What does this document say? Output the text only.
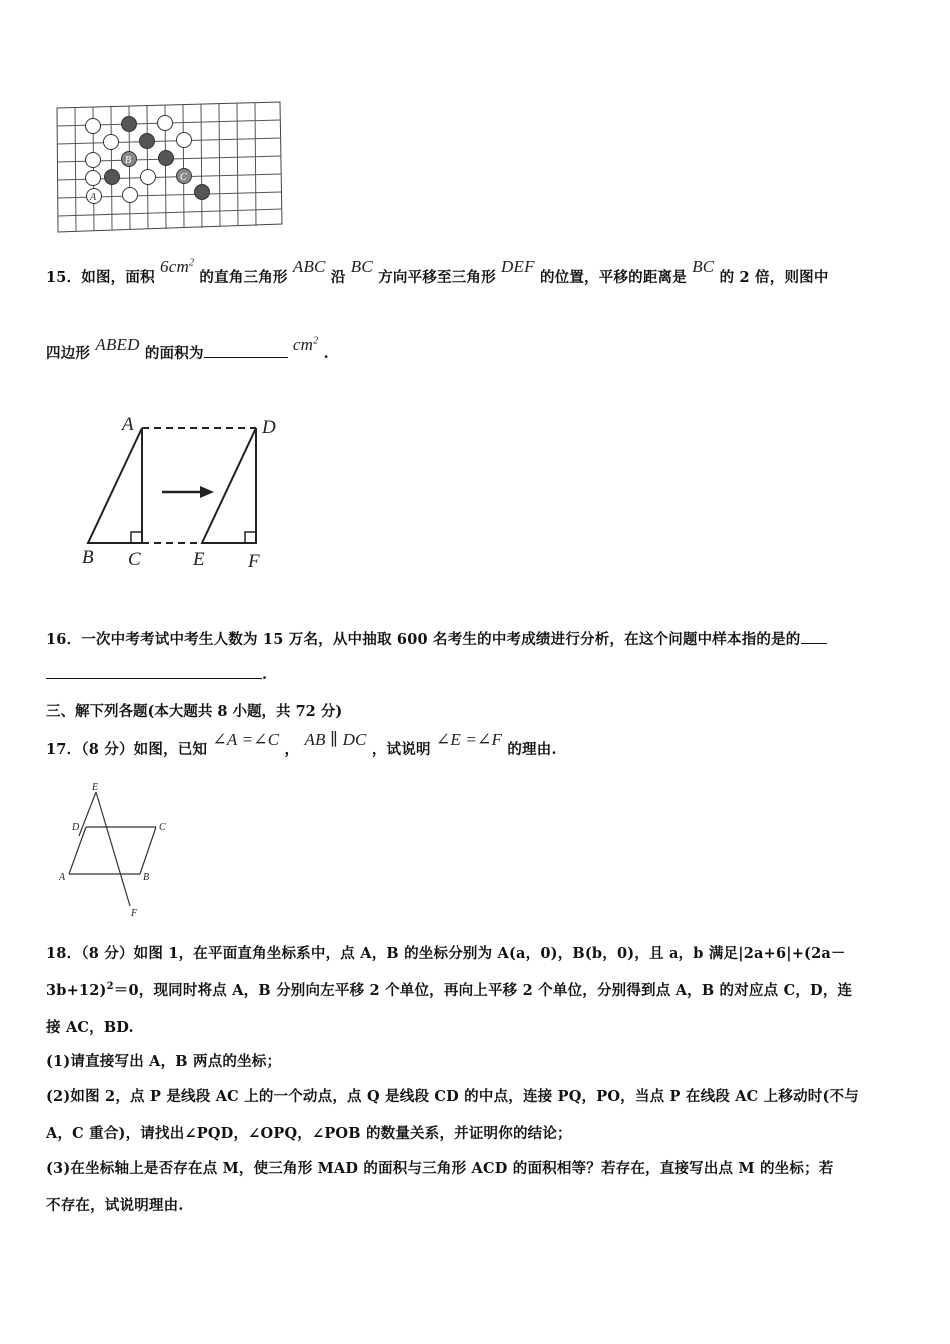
B
C
A
15．如图，面积 $6cm^2$ 的直角三角形 ABC 沿 BC 方向平移至三角形 DEF 的位置，平移的距离是 BC 的 2 倍，则图中
四边形 ABED 的面积为	$cm^2$ .
A	D
B C	E F
16．一次中考考试中考生人数为 15 万名，从中抽取 600 名考生的中考成绩进行分析，在这个问题中样本指的是的
.
三、解下列各题(本大题共 8 小题，共 72 分)
17．（8 分）如图，已知 ∠A =∠C ， AB ∥ DC ，试说明 ∠E =∠F 的理由.
E
D	C
A	B
F
18．（8 分）如图 1，在平面直角坐标系中，点 A，B 的坐标分别为 A(a，0)，B(b，0)，且 a，b 满足|2a+6|+(2a－
3b+12)$^2$＝0，现同时将点 A，B 分别向左平移 2 个单位，再向上平移 2 个单位，分别得到点 A，B 的对应点 C，D，连
接 AC，BD.
(1)请直接写出 A，B 两点的坐标；
(2)如图 2，点 P 是线段 AC 上的一个动点，点 Q 是线段 CD 的中点，连接 PQ，PO，当点 P 在线段 AC 上移动时(不与
A，C 重合)，请找出∠PQD，∠OPQ，∠POB 的数量关系，并证明你的结论；
(3)在坐标轴上是否存在点 M，使三角形 MAD 的面积与三角形 ACD 的面积相等？若存在，直接写出点 M 的坐标；若
不存在，试说明理由.
